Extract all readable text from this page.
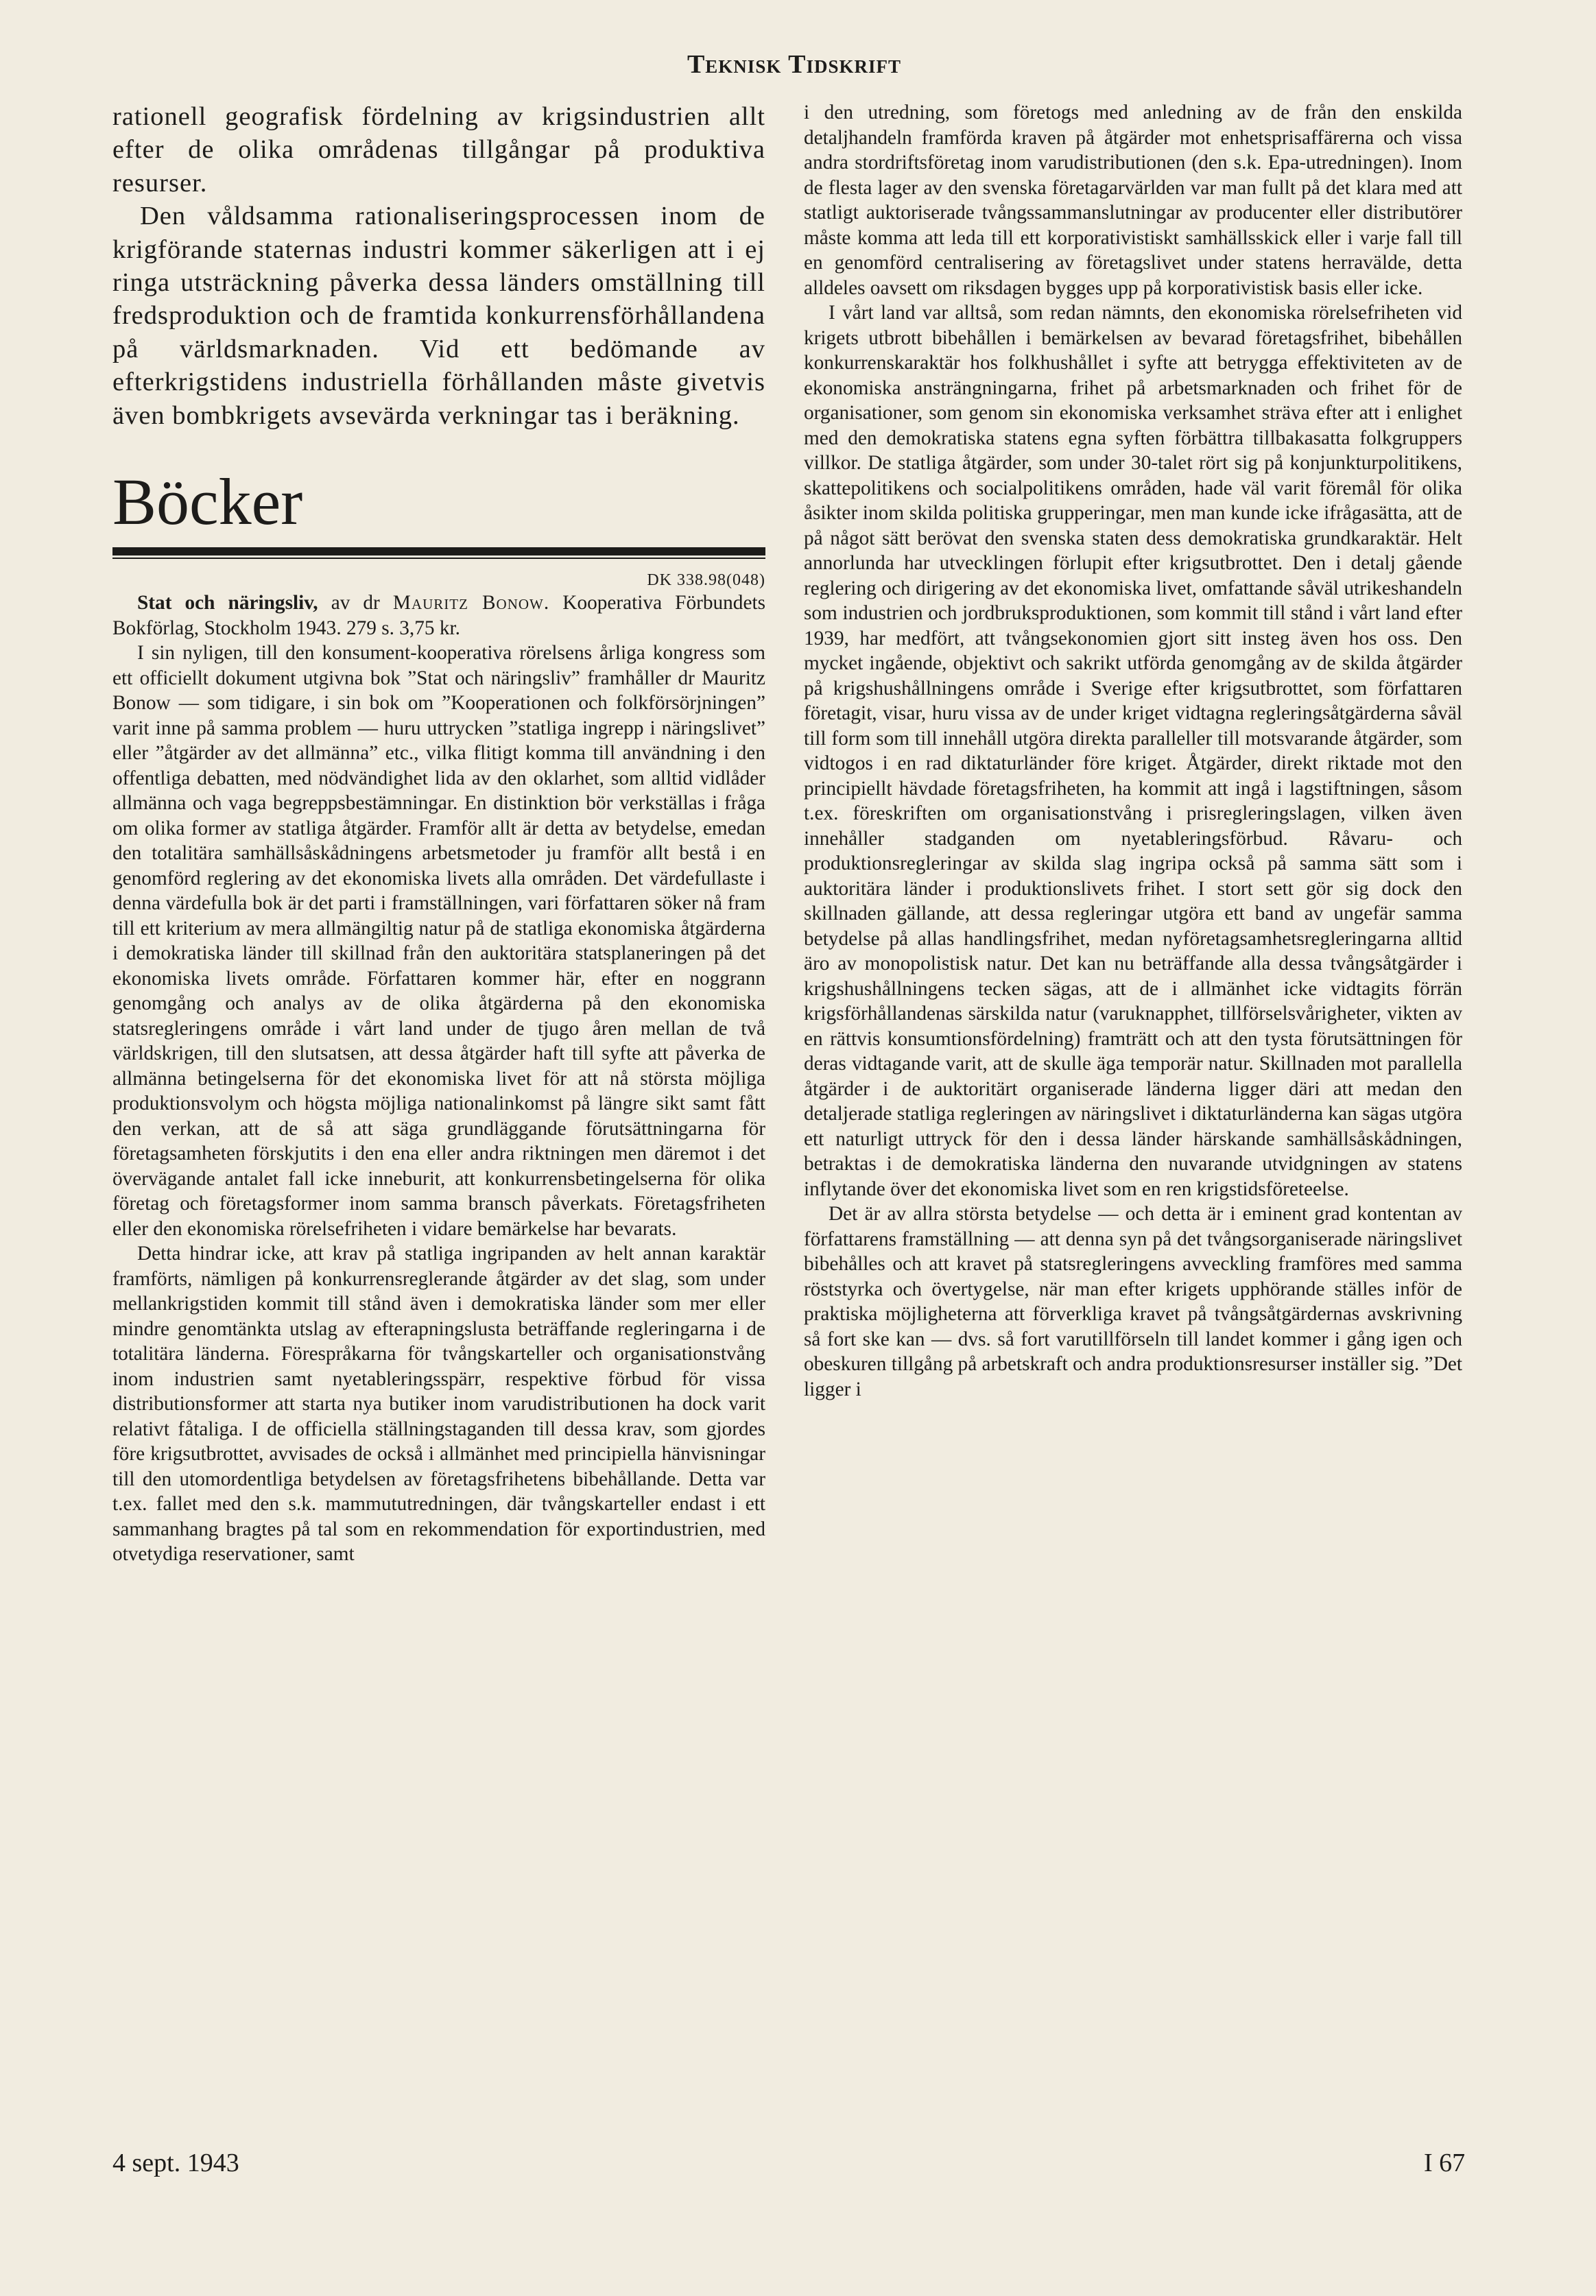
Teknisk Tidskrift

rationell geografisk fördelning av krigsindustrien allt efter de olika områdenas tillgångar på produktiva resurser.

Den våldsamma rationaliseringsprocessen inom de krigförande staternas industri kommer säkerligen att i ej ringa utsträckning påverka dessa länders omställning till fredsproduktion och de framtida konkurrensförhållandena på världsmarknaden. Vid ett bedömande av efterkrigstidens industriella förhållanden måste givetvis även bombkrigets avsevärda verkningar tas i beräkning.

Böcker
DK 338.98(048)

Stat och näringsliv, av dr Mauritz Bonow. Kooperativa Förbundets Bokförlag, Stockholm 1943. 279 s. 3,75 kr.

I sin nyligen, till den konsument-kooperativa rörelsens årliga kongress som ett officiellt dokument utgivna bok ”Stat och näringsliv” framhåller dr Mauritz Bonow — som tidigare, i sin bok om ”Kooperationen och folkförsörjningen” varit inne på samma problem — huru uttrycken ”statliga ingrepp i näringslivet” eller ”åtgärder av det allmänna” etc., vilka flitigt komma till användning i den offentliga debatten, med nödvändighet lida av den oklarhet, som alltid vidlåder allmänna och vaga begreppsbestämningar. En distinktion bör verkställas i fråga om olika former av statliga åtgärder. Framför allt är detta av betydelse, emedan den totalitära samhällsåskådningens arbetsmetoder ju framför allt bestå i en genomförd reglering av det ekonomiska livets alla områden. Det värdefullaste i denna värdefulla bok är det parti i framställningen, vari författaren söker nå fram till ett kriterium av mera allmängiltig natur på de statliga ekonomiska åtgärderna i demokratiska länder till skillnad från den auktoritära statsplaneringen på det ekonomiska livets område. Författaren kommer här, efter en noggrann genomgång och analys av de olika åtgärderna på den ekonomiska statsregleringens område i vårt land under de tjugo åren mellan de två världskrigen, till den slutsatsen, att dessa åtgärder haft till syfte att påverka de allmänna betingelserna för det ekonomiska livet för att nå största möjliga produktionsvolym och högsta möjliga nationalinkomst på längre sikt samt fått den verkan, att de så att säga grundläggande förutsättningarna för företagsamheten förskjutits i den ena eller andra riktningen men däremot i det övervägande antalet fall icke inneburit, att konkurrensbetingelserna för olika företag och företagsformer inom samma bransch påverkats. Företagsfriheten eller den ekonomiska rörelsefriheten i vidare bemärkelse har bevarats.

Detta hindrar icke, att krav på statliga ingripanden av helt annan karaktär framförts, nämligen på konkurrensreglerande åtgärder av det slag, som under mellankrigstiden kommit till stånd även i demokratiska länder som mer eller mindre genomtänkta utslag av efterapningslusta beträffande regleringarna i de totalitära länderna. Förespråkarna för tvångskarteller och organisationstvång inom industrien samt nyetableringsspärr, respektive förbud för vissa distributionsformer att starta nya butiker inom varudistributionen ha dock varit relativt fåtaliga. I de officiella ställningstaganden till dessa krav, som gjordes före krigsutbrottet, avvisades de också i allmänhet med principiella hänvisningar till den utomordentliga betydelsen av företagsfrihetens bibehållande. Detta var t.ex. fallet med den s.k. mammututredningen, där tvångskarteller endast i ett sammanhang bragtes på tal som en rekommendation för exportindustrien, med otvetydiga reservationer, samt

i den utredning, som företogs med anledning av de från den enskilda detaljhandeln framförda kraven på åtgärder mot enhetsprisaffärerna och vissa andra stordriftsföretag inom varudistributionen (den s.k. Epa-utredningen). Inom de flesta lager av den svenska företagarvärlden var man fullt på det klara med att statligt auktoriserade tvångssammanslutningar av producenter eller distributörer måste komma att leda till ett korporativistiskt samhällsskick eller i varje fall till en genomförd centralisering av företagslivet under statens herravälde, detta alldeles oavsett om riksdagen bygges upp på korporativistisk basis eller icke.

I vårt land var alltså, som redan nämnts, den ekonomiska rörelsefriheten vid krigets utbrott bibehållen i bemärkelsen av bevarad företagsfrihet, bibehållen konkurrenskaraktär hos folkhushållet i syfte att betrygga effektiviteten av de ekonomiska ansträngningarna, frihet på arbetsmarknaden och frihet för de organisationer, som genom sin ekonomiska verksamhet sträva efter att i enlighet med den demokratiska statens egna syften förbättra tillbakasatta folkgruppers villkor. De statliga åtgärder, som under 30-talet rört sig på konjunkturpolitikens, skattepolitikens och socialpolitikens områden, hade väl varit föremål för olika åsikter inom skilda politiska grupperingar, men man kunde icke ifrågasätta, att de på något sätt berövat den svenska staten dess demokratiska grundkaraktär. Helt annorlunda har utvecklingen förlupit efter krigsutbrottet. Den i detalj gående reglering och dirigering av det ekonomiska livet, omfattande såväl utrikeshandeln som industrien och jordbruksproduktionen, som kommit till stånd i vårt land efter 1939, har medfört, att tvångsekonomien gjort sitt insteg även hos oss. Den mycket ingående, objektivt och sakrikt utförda genomgång av de skilda åtgärder på krigshushållningens område i Sverige efter krigsutbrottet, som författaren företagit, visar, huru vissa av de under kriget vidtagna regleringsåtgärderna såväl till form som till innehåll utgöra direkta paralleller till motsvarande åtgärder, som vidtogos i en rad diktaturländer före kriget. Åtgärder, direkt riktade mot den principiellt hävdade företagsfriheten, ha kommit att ingå i lagstiftningen, såsom t.ex. föreskriften om organisationstvång i prisregleringslagen, vilken även innehåller stadganden om nyetableringsförbud. Råvaru- och produktionsregleringar av skilda slag ingripa också på samma sätt som i auktoritära länder i produktionslivets frihet. I stort sett gör sig dock den skillnaden gällande, att dessa regleringar utgöra ett band av ungefär samma betydelse på allas handlingsfrihet, medan nyföretagsamhetsregleringarna alltid äro av monopolistisk natur. Det kan nu beträffande alla dessa tvångsåtgärder i krigshushållningens tecken sägas, att de i allmänhet icke vidtagits förrän krigsförhållandenas särskilda natur (varuknapphet, tillförselsvårigheter, vikten av en rättvis konsumtionsfördelning) framträtt och att den tysta förutsättningen för deras vidtagande varit, att de skulle äga temporär natur. Skillnaden mot parallella åtgärder i de auktoritärt organiserade länderna ligger däri att medan den detaljerade statliga regleringen av näringslivet i diktaturländerna kan sägas utgöra ett naturligt uttryck för den i dessa länder härskande samhällsåskådningen, betraktas i de demokratiska länderna den nuvarande utvidgningen av statens inflytande över det ekonomiska livet som en ren krigstidsföreteelse.

Det är av allra största betydelse — och detta är i eminent grad kontentan av författarens framställning — att denna syn på det tvångsorganiserade näringslivet bibehålles och att kravet på statsregleringens avveckling framföres med samma röststyrka och övertygelse, när man efter krigets upphörande ställes inför de praktiska möjligheterna att förverkliga kravet på tvångsåtgärdernas avskrivning så fort ske kan — dvs. så fort varutillförseln till landet kommer i gång igen och obeskuren tillgång på arbetskraft och andra produktionsresurser inställer sig. ”Det ligger i

4 sept. 1943	I 67
